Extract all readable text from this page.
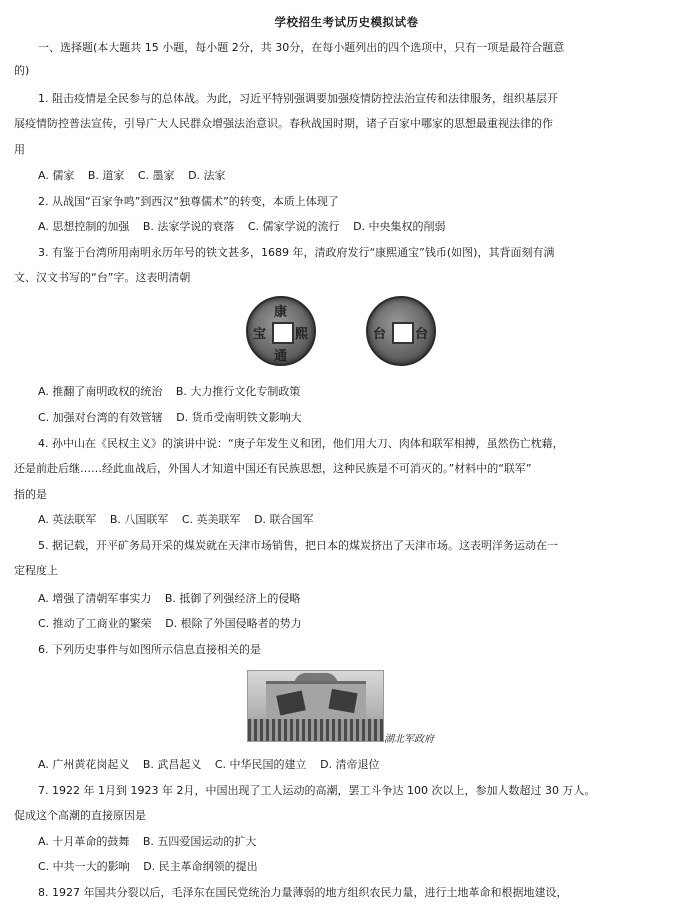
学校招生考试历史模拟试卷
一、选择题(本大题共 15 小题，每小题 2分，共 30分，在每小题列出的四个选项中，只有一项是最符合题意
的)
1. 阻击疫情是全民参与的总体战。为此，习近平特别强调要加强疫情防控法治宣传和法律服务，组织基层开
展疫情防控普法宣传，引导广大人民群众增强法治意识。春秋战国时期，诸子百家中哪家的思想最重视法律的作
用
A. 儒家 B. 道家 C. 墨家 D. 法家
2. 从战国“百家争鸣”到西汉“独尊儒术”的转变，本质上体现了
A. 思想控制的加强 B. 法家学说的衰落 C. 儒家学说的流行 D. 中央集权的削弱
3. 有鉴于台湾所用南明永历年号的铁文甚多，1689 年，清政府发行“康熙通宝”钱币(如图)，其背面刻有满
文、汉文书写的“台”字。这表明清朝
康
通
熙
宝	台 台
A. 推翻了南明政权的统治 B. 大力推行文化专制政策
C. 加强对台湾的有效管辖 D. 货币受南明铁文影响大
4. 孙中山在《民权主义》的演讲中说：“庚子年发生义和团，他们用大刀、肉体和联军相搏，虽然伤亡枕藉，
还是前赴后继……经此血战后，外国人才知道中国还有民族思想，这种民族是不可消灭的。”材料中的“联军”
指的是
A. 英法联军 B. 八国联军 C. 英美联军 D. 联合国军
5. 据记载，开平矿务局开采的煤炭就在天津市场销售，把日本的煤炭挤出了天津市场。这表明洋务运动在一
定程度上
A. 增强了清朝军事实力 B. 抵御了列强经济上的侵略
C. 推动了工商业的繁荣 D. 根除了外国侵略者的势力
6. 下列历史事件与如图所示信息直接相关的是
湖北军政府
A. 广州黄花岗起义 B. 武昌起义 C. 中华民国的建立 D. 清帝退位
7. 1922 年 1月到 1923 年 2月，中国出现了工人运动的高潮，罢工斗争达 100 次以上，参加人数超过 30 万人。
促成这个高潮的直接原因是
A. 十月革命的鼓舞 B. 五四爱国运动的扩大
C. 中共一大的影响 D. 民主革命纲领的提出
8. 1927 年国共分裂以后，毛泽东在国民党统治力量薄弱的地方组织农民力量，进行土地革命和根据地建设，
